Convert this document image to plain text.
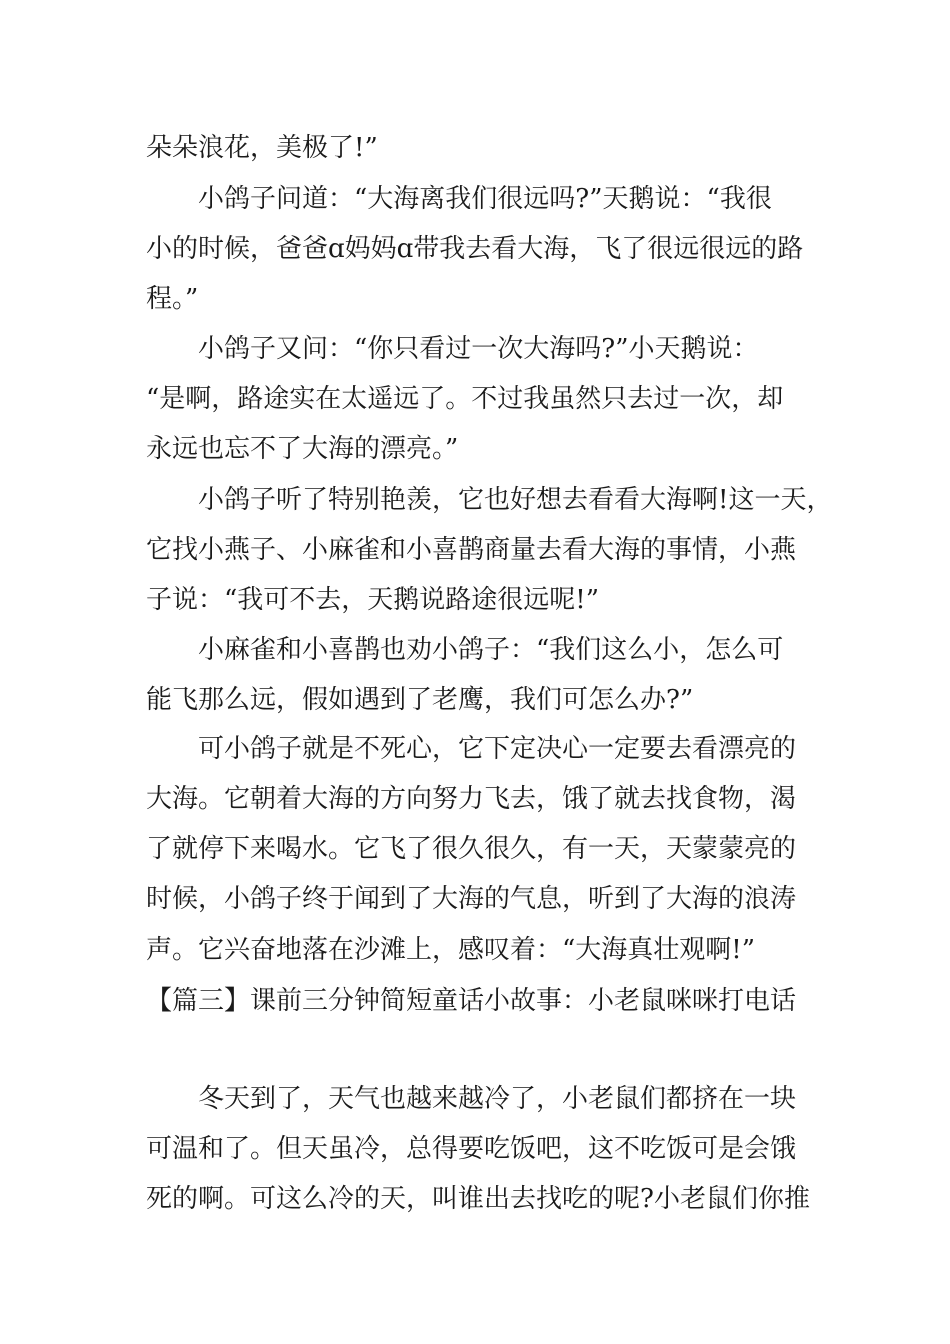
朵朵浪花，美极了!”
小鸽子问道：“大海离我们很远吗?”天鹅说：“我很
小的时候，爸爸ɑ妈妈ɑ带我去看大海，飞了很远很远的路
程。”
小鸽子又问：“你只看过一次大海吗?”小天鹅说：
“是啊，路途实在太遥远了。不过我虽然只去过一次，却
永远也忘不了大海的漂亮。”
小鸽子听了特别艳羡，它也好想去看看大海啊!这一天，
它找小燕子、小麻雀和小喜鹊商量去看大海的事情，小燕
子说：“我可不去，天鹅说路途很远呢!”
小麻雀和小喜鹊也劝小鸽子：“我们这么小，怎么可
能飞那么远，假如遇到了老鹰，我们可怎么办?”
可小鸽子就是不死心，它下定决心一定要去看漂亮的
大海。它朝着大海的方向努力飞去，饿了就去找食物，渴
了就停下来喝水。它飞了很久很久，有一天，天蒙蒙亮的
时候，小鸽子终于闻到了大海的气息，听到了大海的浪涛
声。它兴奋地落在沙滩上，感叹着：“大海真壮观啊!”
【篇三】课前三分钟简短童话小故事：小老鼠咪咪打电话
冬天到了，天气也越来越冷了，小老鼠们都挤在一块
可温和了。但天虽冷，总得要吃饭吧，这不吃饭可是会饿
死的啊。可这么冷的天，叫谁出去找吃的呢?小老鼠们你推
